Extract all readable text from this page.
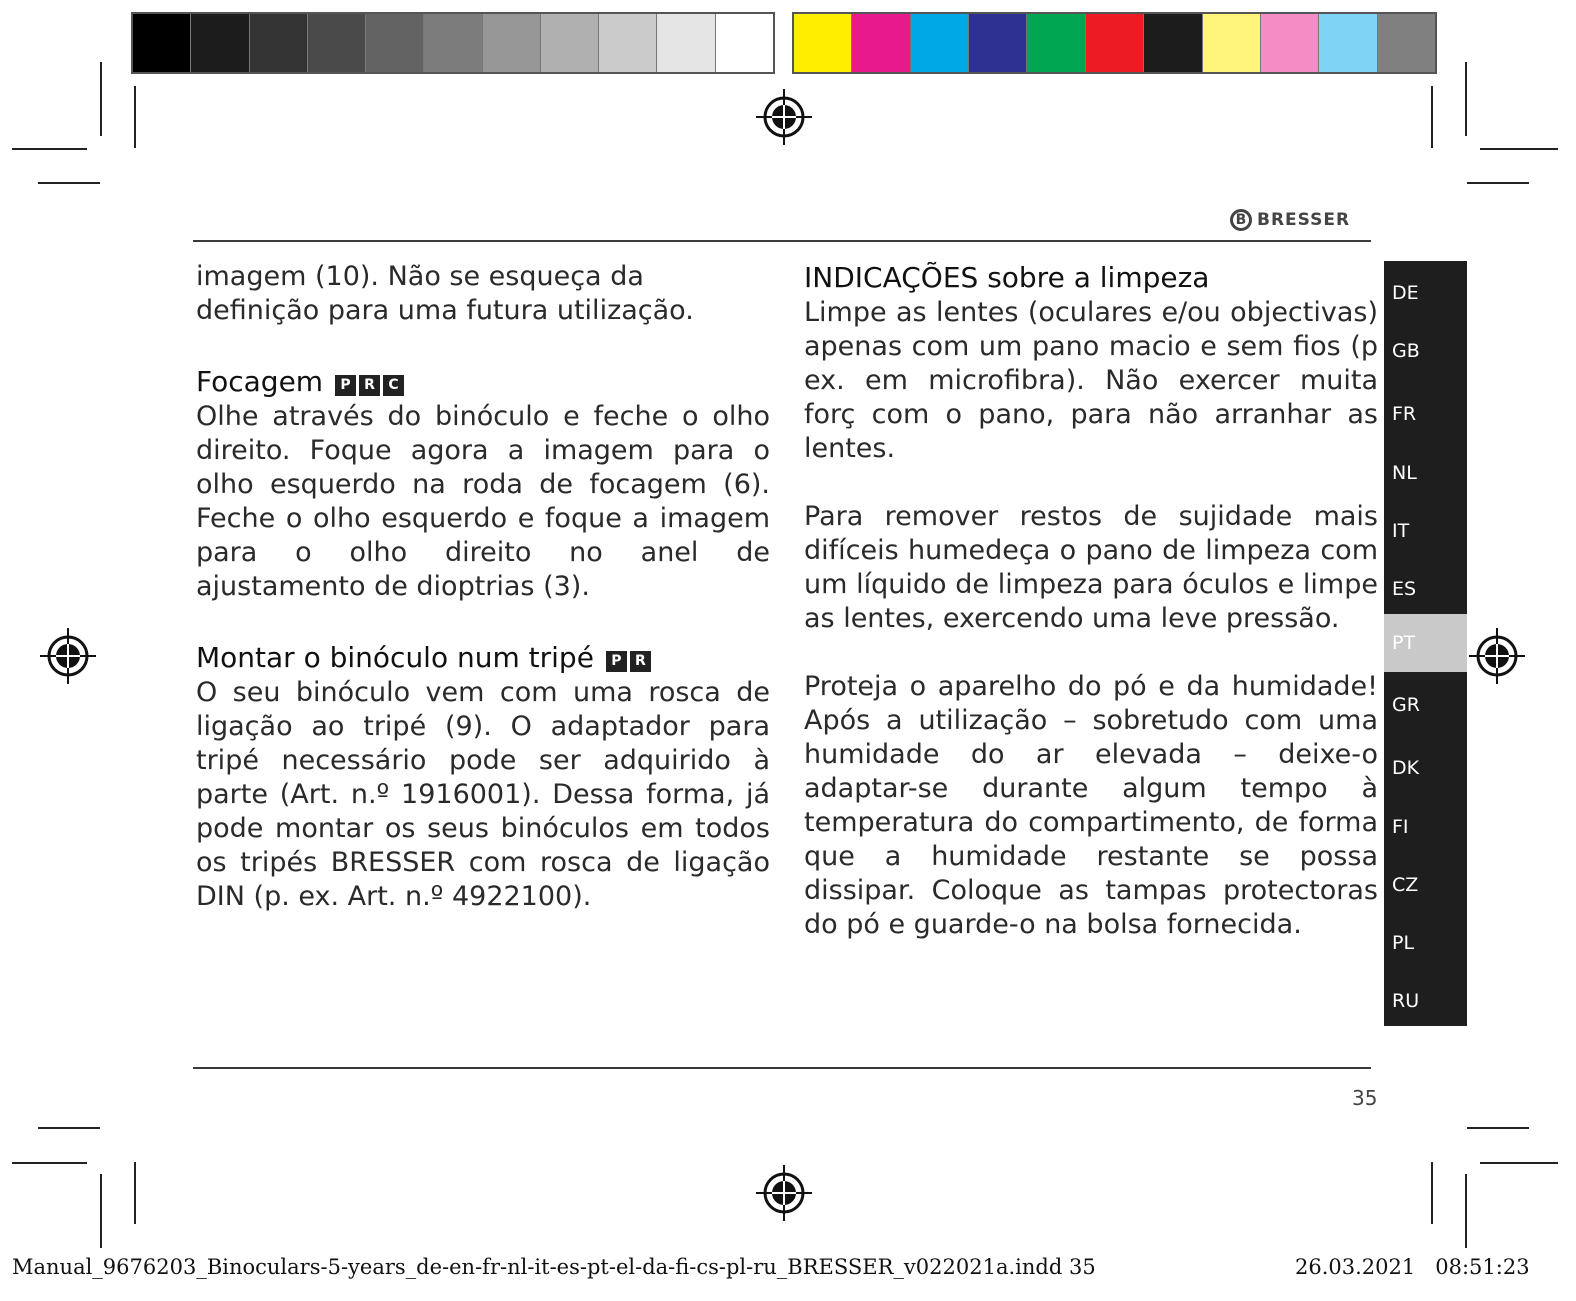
B BRESSER

imagem (10). Não se esqueça da definição para uma futura utilização.

Focagem P R C

Olhe através do binóculo e feche o olho direito. Foque agora a imagem para o olho esquerdo na roda de focagem (6). Feche o olho esquerdo e foque a imagem para o olho direito no anel de ajustamento de dioptrias (3).

Montar o binóculo num tripé P R

O seu binóculo vem com uma rosca de ligação ao tripé (9). O adaptador para tripé necessário pode ser adquirido à parte (Art. n.º 1916001). Dessa forma, já pode montar os seus binóculos em todos os tripés BRESSER com rosca de ligação DIN (p. ex. Art. n.º 4922100).

INDICAÇÕES sobre a limpeza

Limpe as lentes (oculares e/ou objectivas) apenas com um pano macio e sem fios (p ex. em microfibra). Não exercer muita forç com o pano, para não arranhar as lentes.

Para remover restos de sujidade mais difíceis humedeça o pano de limpeza com um líquido de limpeza para óculos e limpe as lentes, exercendo uma leve pressão.

Proteja o aparelho do pó e da humidade! Após a utilização – sobretudo com uma humidade do ar elevada – deixe-o adaptar-se durante algum tempo à temperatura do compartimento, de forma que a humidade restante se possa dissipar. Coloque as tampas protectoras do pó e guarde-o na bolsa fornecida.

DE
GB
FR
NL
IT
ES
PT
GR
DK
FI
CZ
PL
RU
35
Manual_9676203_Binoculars-5-years_de-en-fr-nl-it-es-pt-el-da-fi-cs-pl-ru_BRESSER_v022021a.indd 35	26.03.2021   08:51:23
